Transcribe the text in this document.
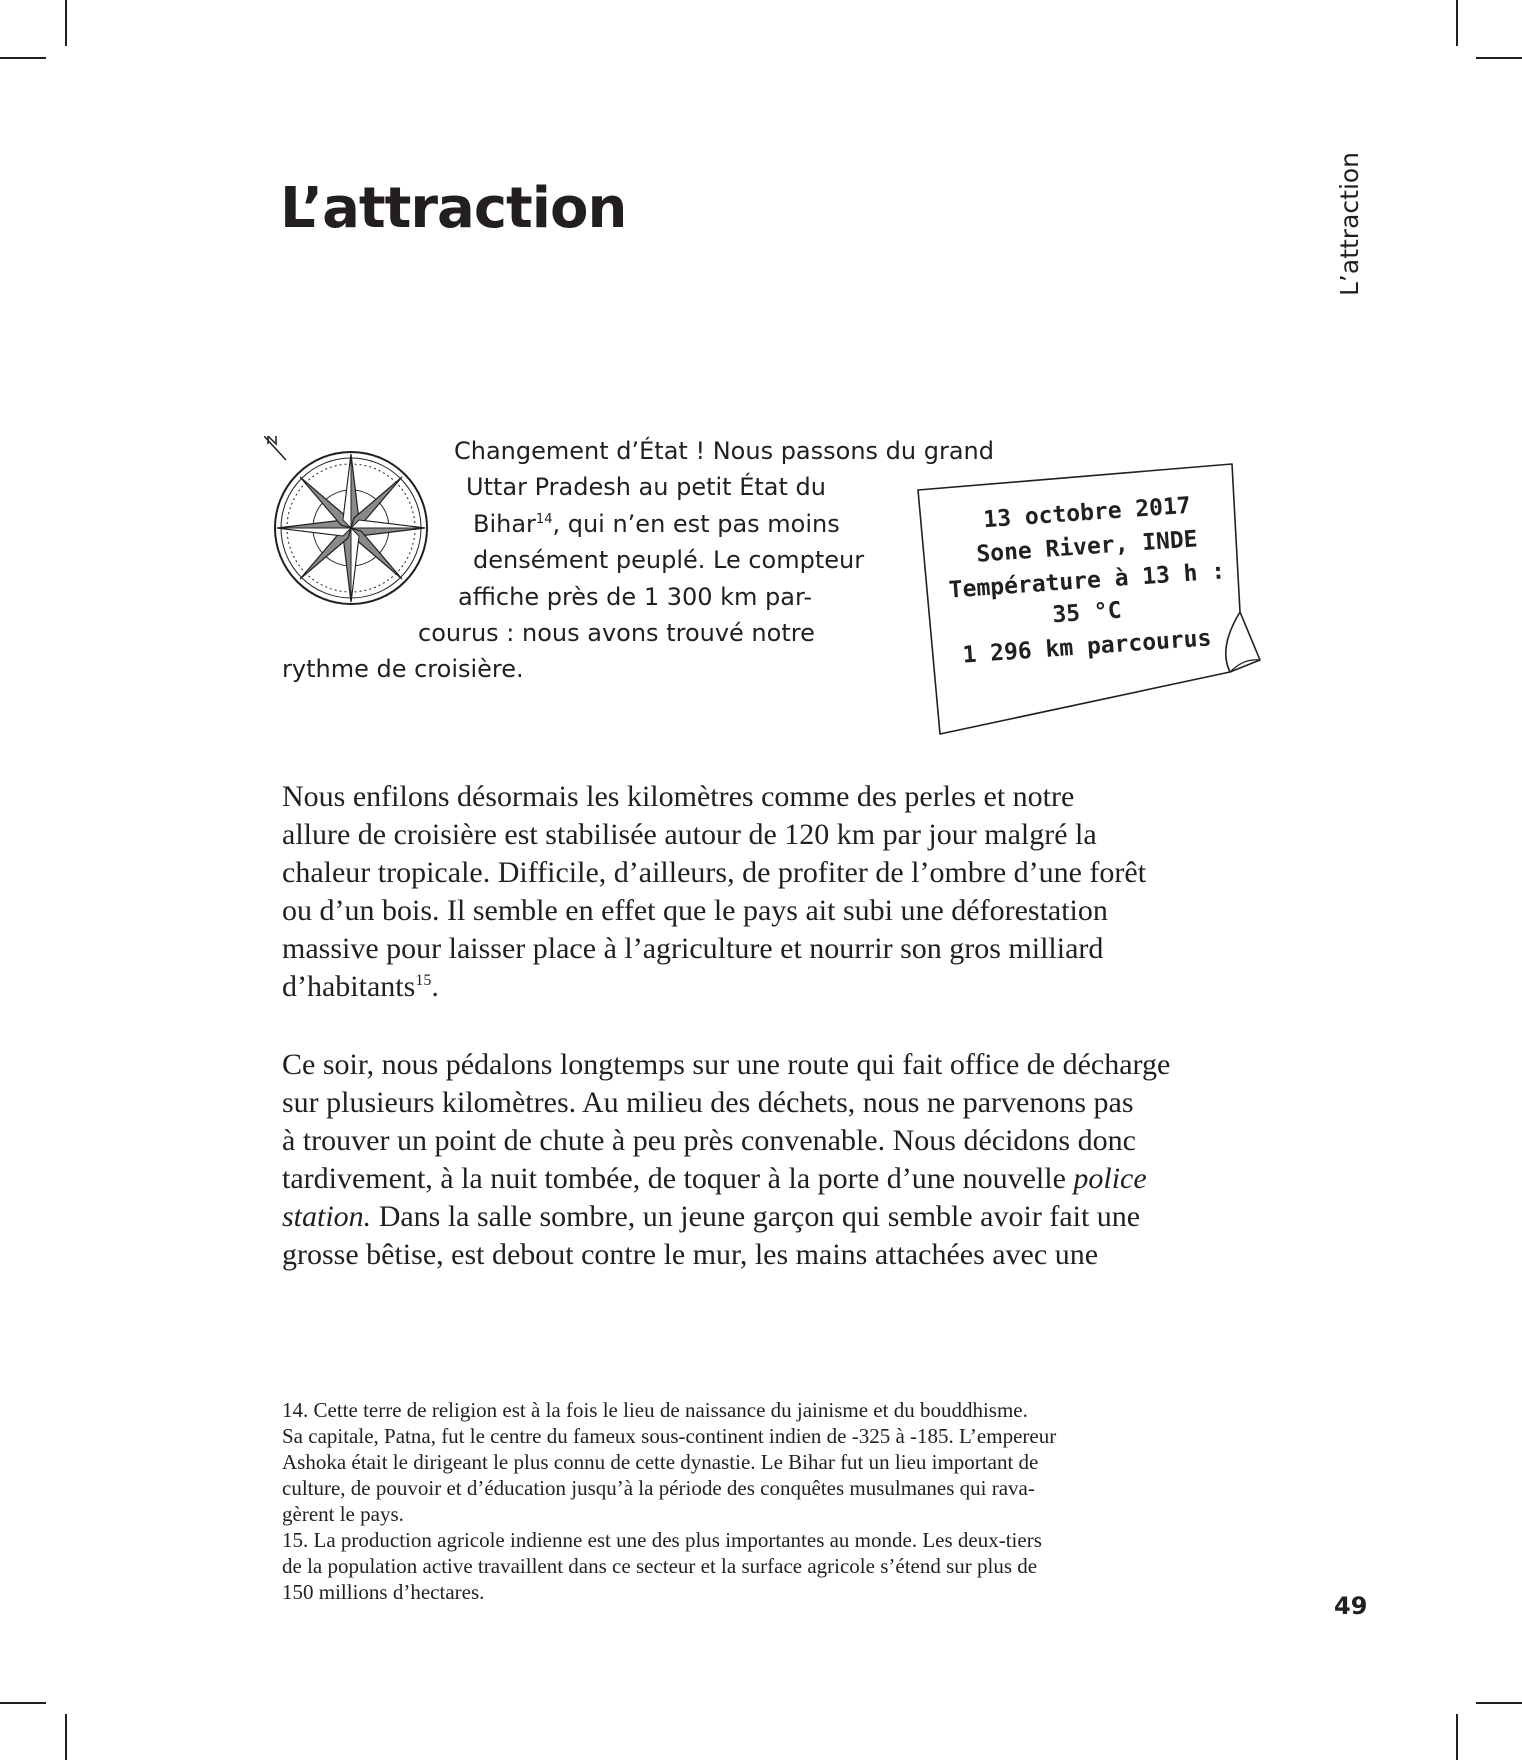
L’attraction	L’attraction
Changement d’État ! Nous passons du grand
Uttar Pradesh au petit État du
Bihar$^{14}$, qui n’en est pas moins
densément peuplé. Le compteur
affiche près de 1 300 km par-
courus : nous avons trouvé notre
rythme de croisière.
13 octobre 2017
Sone River, INDE
Température à 13 h :
35 °C
1 296 km parcourus
Nous enfilons désormais les kilomètres comme des perles et notre
allure de croisière est stabilisée autour de 120 km par jour malgré la
chaleur tropicale. Difficile, d’ailleurs, de profiter de l’ombre d’une forêt
ou d’un bois. Il semble en effet que le pays ait subi une déforestation
massive pour laisser place à l’agriculture et nourrir son gros milliard
d’habitants$^{15}$.
Ce soir, nous pédalons longtemps sur une route qui fait office de décharge
sur plusieurs kilomètres. Au milieu des déchets, nous ne parvenons pas
à trouver un point de chute à peu près convenable. Nous décidons donc
tardivement, à la nuit tombée, de toquer à la porte d’une nouvelle police
station. Dans la salle sombre, un jeune garçon qui semble avoir fait une
grosse bêtise, est debout contre le mur, les mains attachées avec une
14. Cette terre de religion est à la fois le lieu de naissance du jainisme et du bouddhisme.
Sa capitale, Patna, fut le centre du fameux sous-continent indien de -325 à -185. L’empereur
Ashoka était le dirigeant le plus connu de cette dynastie. Le Bihar fut un lieu important de
culture, de pouvoir et d’éducation jusqu’à la période des conquêtes musulmanes qui rava-
gèrent le pays.
15. La production agricole indienne est une des plus importantes au monde. Les deux-tiers
de la population active travaillent dans ce secteur et la surface agricole s’étend sur plus de
150 millions d’hectares.	49
